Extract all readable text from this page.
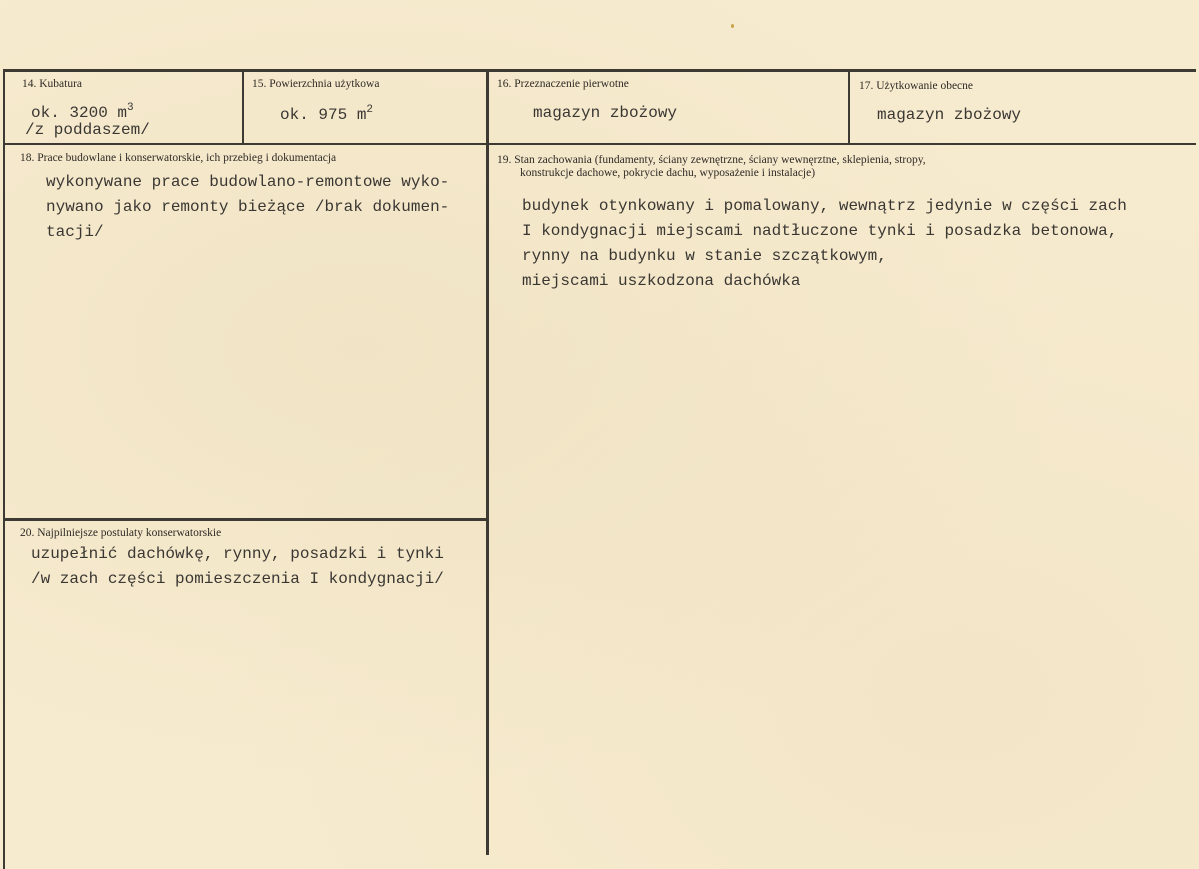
14. Kubatura

ok. 3200 $m^3$
/z poddaszem/

15. Powierzchnia użytkowa

ok. 975 $m^2$

16. Przeznaczenie pierwotne

magazyn zbożowy

17. Użytkowanie obecne

magazyn zbożowy

18. Prace budowlane i konserwatorskie, ich przebieg i dokumentacja

wykonywane prace budowlano-remontowe wyko-
nywano jako remonty bieżące /brak dokumen-
tacji/

19. Stan zachowania (fundamenty, ściany zewnętrzne, ściany wewnęrztne, sklepienia, stropy,

konstrukcje dachowe, pokrycie dachu, wyposażenie i instalacje)

budynek otynkowany i pomalowany, wewnątrz jedynie w części zach
I kondygnacji miejscami nadtłuczone tynki i posadzka betonowa,
rynny na budynku w stanie szczątkowym,
miejscami uszkodzona dachówka

20. Najpilniejsze postulaty konserwatorskie

uzupełnić dachówkę, rynny, posadzki i tynki
/w zach części pomieszczenia I kondygnacji/
